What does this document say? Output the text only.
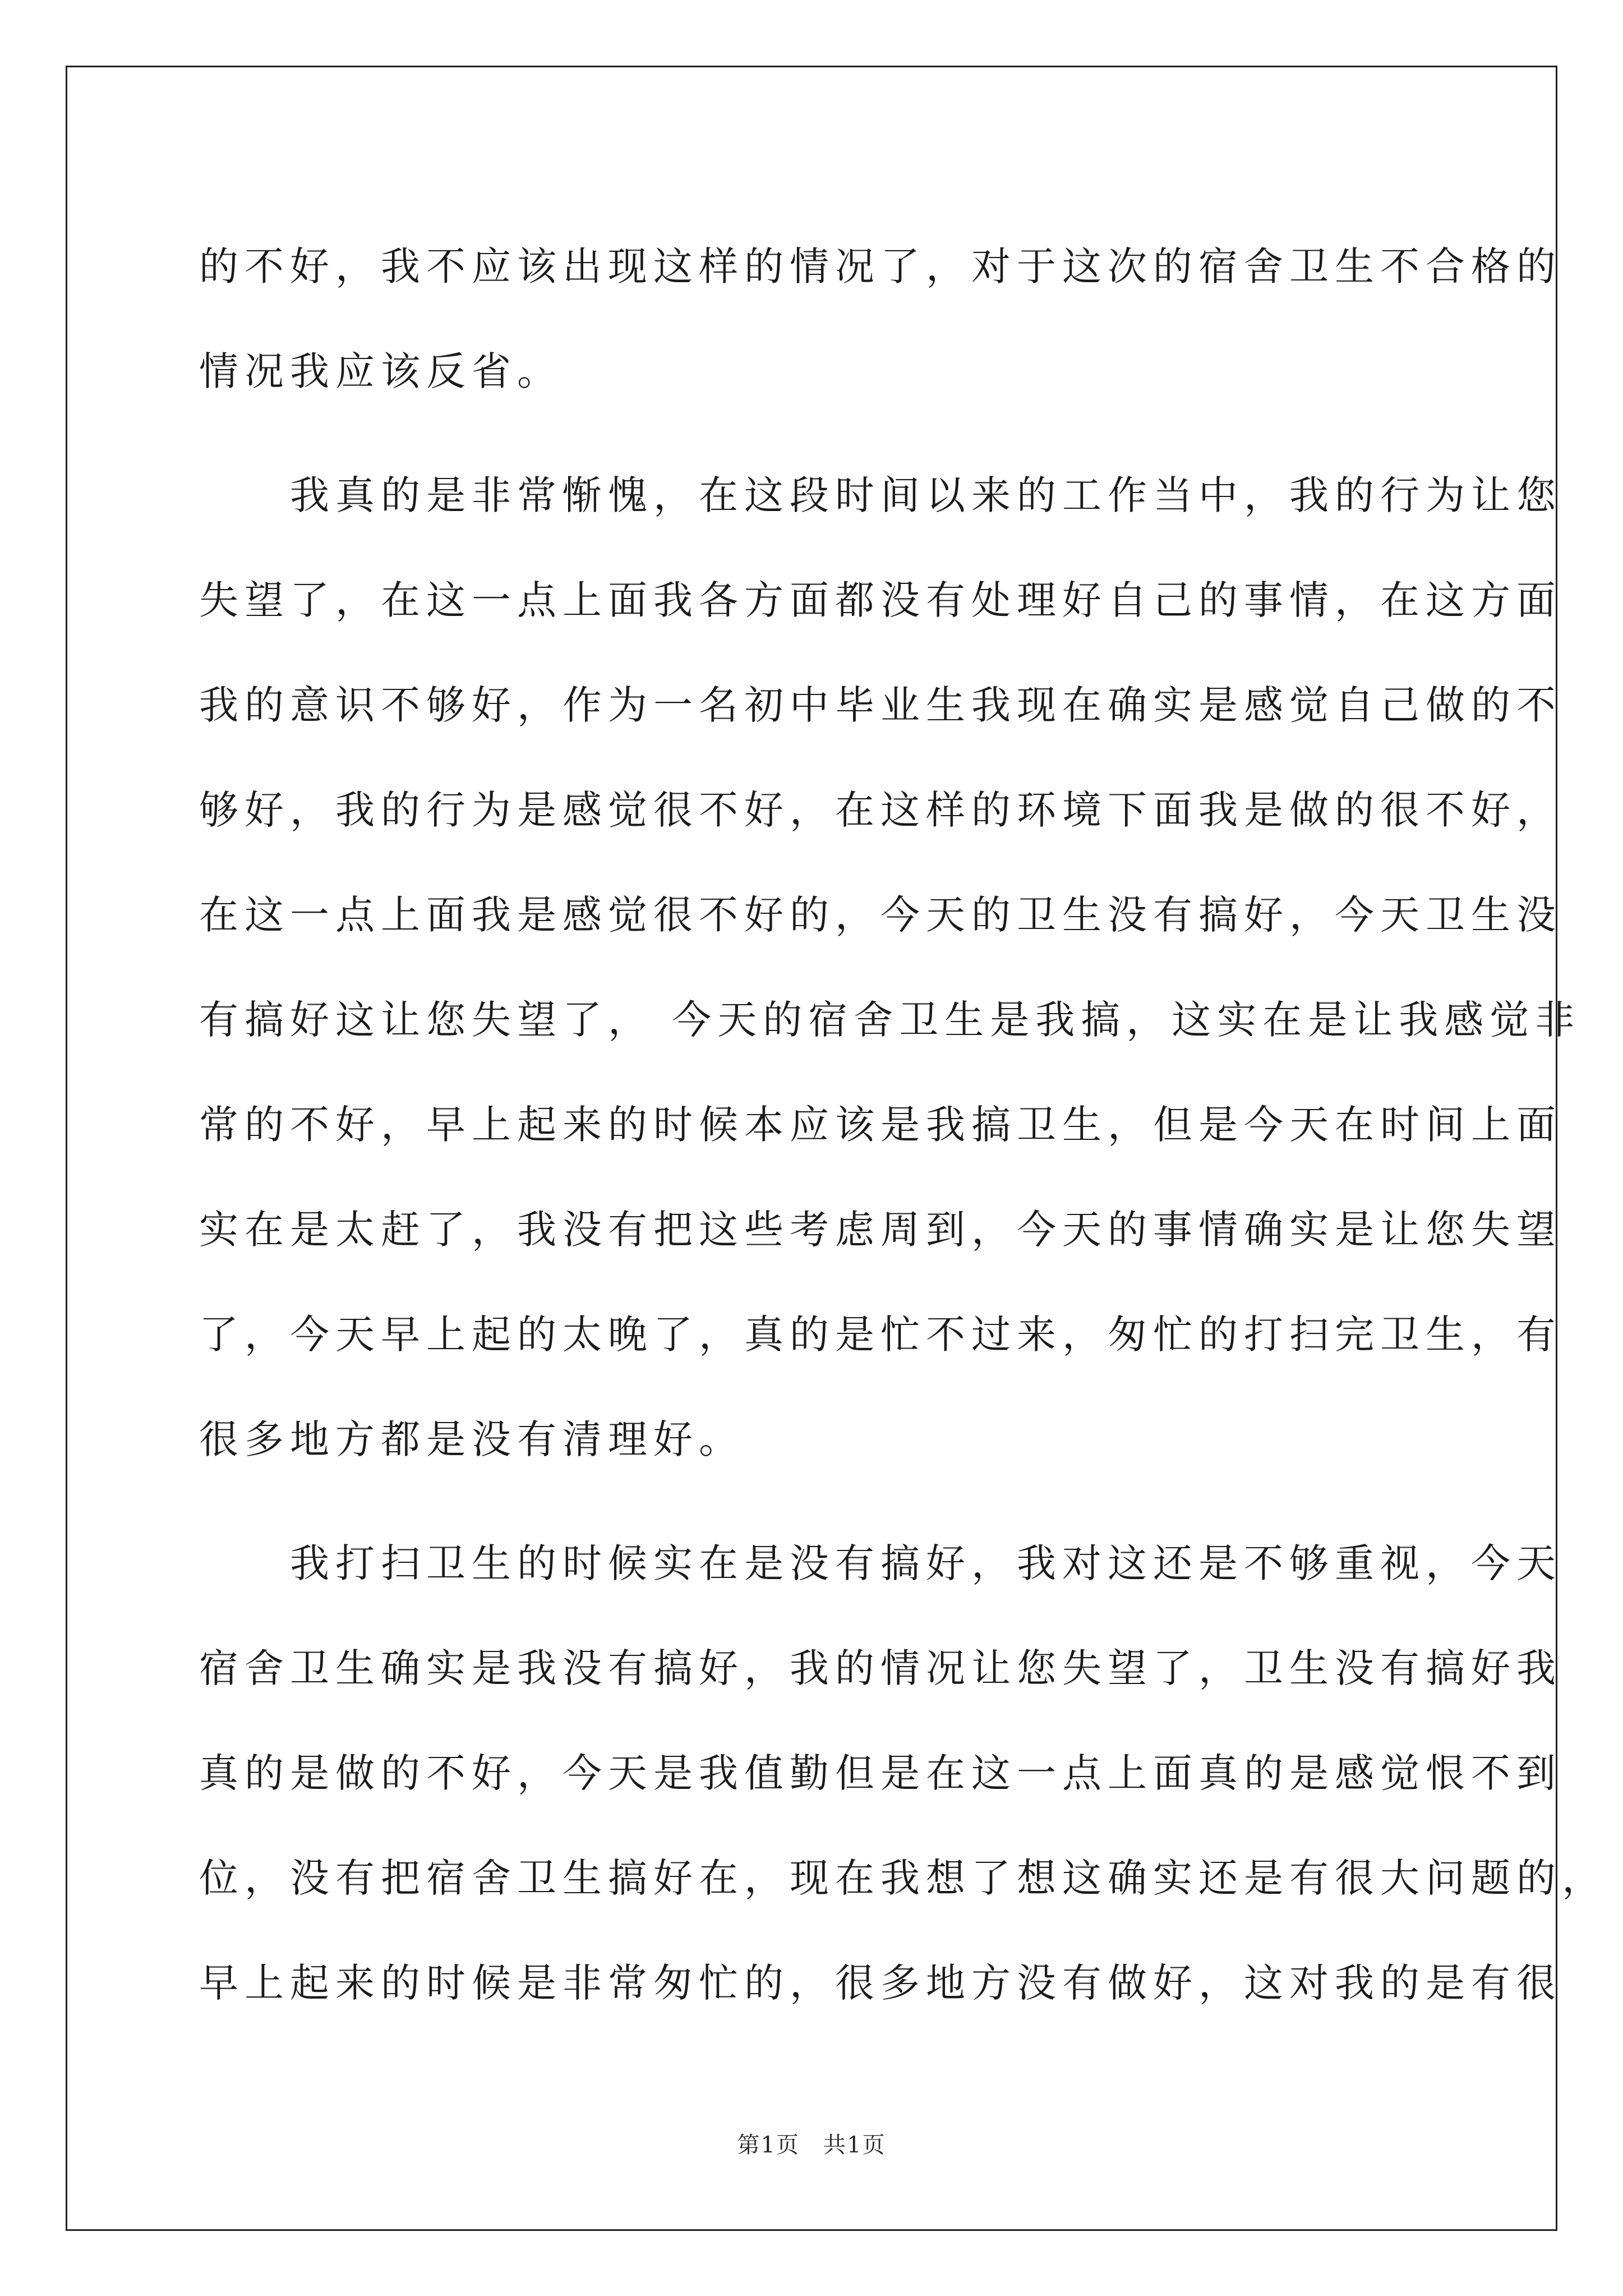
的不好，我不应该出现这样的情况了，对于这次的宿舍卫生不合格的
情况我应该反省。
　　我真的是非常惭愧，在这段时间以来的工作当中，我的行为让您
失望了，在这一点上面我各方面都没有处理好自己的事情，在这方面
我的意识不够好，作为一名初中毕业生我现在确实是感觉自己做的不
够好，我的行为是感觉很不好，在这样的环境下面我是做的很不好，
在这一点上面我是感觉很不好的，今天的卫生没有搞好，今天卫生没
有搞好这让您失望了， 今天的宿舍卫生是我搞，这实在是让我感觉非
常的不好，早上起来的时候本应该是我搞卫生，但是今天在时间上面
实在是太赶了，我没有把这些考虑周到，今天的事情确实是让您失望
了，今天早上起的太晚了，真的是忙不过来，匆忙的打扫完卫生，有
很多地方都是没有清理好。
　　我打扫卫生的时候实在是没有搞好，我对这还是不够重视，今天
宿舍卫生确实是我没有搞好，我的情况让您失望了，卫生没有搞好我
真的是做的不好，今天是我值勤但是在这一点上面真的是感觉恨不到
位，没有把宿舍卫生搞好在，现在我想了想这确实还是有很大问题的，
早上起来的时候是非常匆忙的，很多地方没有做好，这对我的是有很
第1页　共1页
